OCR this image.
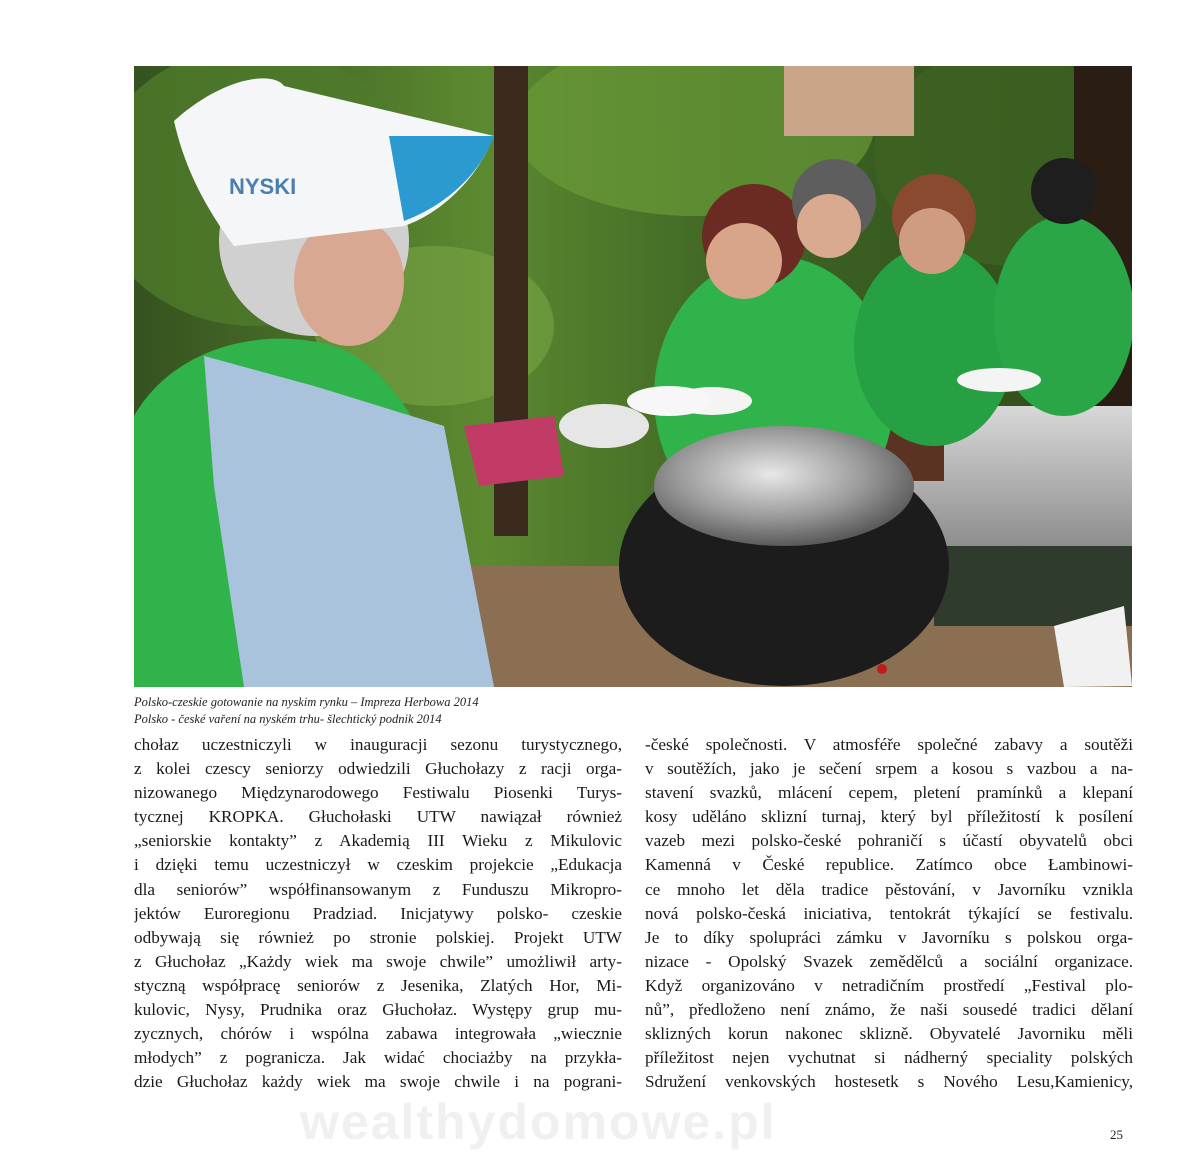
NYSKI
Polsko-czeskie gotowanie na nyskim rynku – Impreza Herbowa 2014
Polsko - české vaření na nyském trhu- šlechtický podnik 2014
chołaz uczestniczyli w inauguracji sezonu turystycznego,
z kolei czescy seniorzy odwiedzili Głuchołazy z racji orga-
nizowanego Międzynarodowego Festiwalu Piosenki Turys-
tycznej KROPKA. Głuchołaski UTW nawiązał również
„seniorskie kontakty” z Akademią III Wieku z Mikulovic
i dzięki temu uczestniczył w czeskim projekcie „Edukacja
dla seniorów” współfinansowanym z Funduszu Mikropro-
jektów Euroregionu Pradziad. Inicjatywy polsko- czeskie
odbywają się również po stronie polskiej. Projekt UTW
z Głuchołaz „Każdy wiek ma swoje chwile” umożliwił arty-
styczną współpracę seniorów z Jesenika, Zlatých Hor, Mi-
kulovic, Nysy, Prudnika oraz Głuchołaz. Występy grup mu-
zycznych, chórów i wspólna zabawa integrowała „wiecznie
młodych” z pogranicza. Jak widać chociażby na przykła-
dzie Głuchołaz każdy wiek ma swoje chwile i na pograni-
-české společnosti. V atmosféře společné zabavy a soutěži
v soutěžích, jako je sečení srpem a kosou s vazbou a na-
stavení svazků, mlácení cepem, pletení pramínků a klepaní
kosy uděláno sklizní turnaj, který byl příležitostí k posílení
vazeb mezi polsko-české pohraničí s účastí obyvatelů obci
Kamenná v České republice. Zatímco obce Łambinowi-
ce mnoho let děla tradice pěstování, v Javorníku vznikla
nová polsko-česká iniciativa, tentokrát týkající se festivalu.
Je to díky spolupráci zámku v Javorníku s polskou orga-
nizace - Opolský Svazek zemědělců a sociální organizace.
Když organizováno v netradičním prostředí „Festival plo-
nů”, předloženo není známo, že naši sousedé tradici dělaní
sklizných korun nakonec sklizně. Obyvatelé Javorniku měli
příležitost nejen vychutnat si nádherný speciality polských
Sdružení venkovských hostesetk s Nového Lesu,Kamienicy,
wealthydomowe.pl	25
